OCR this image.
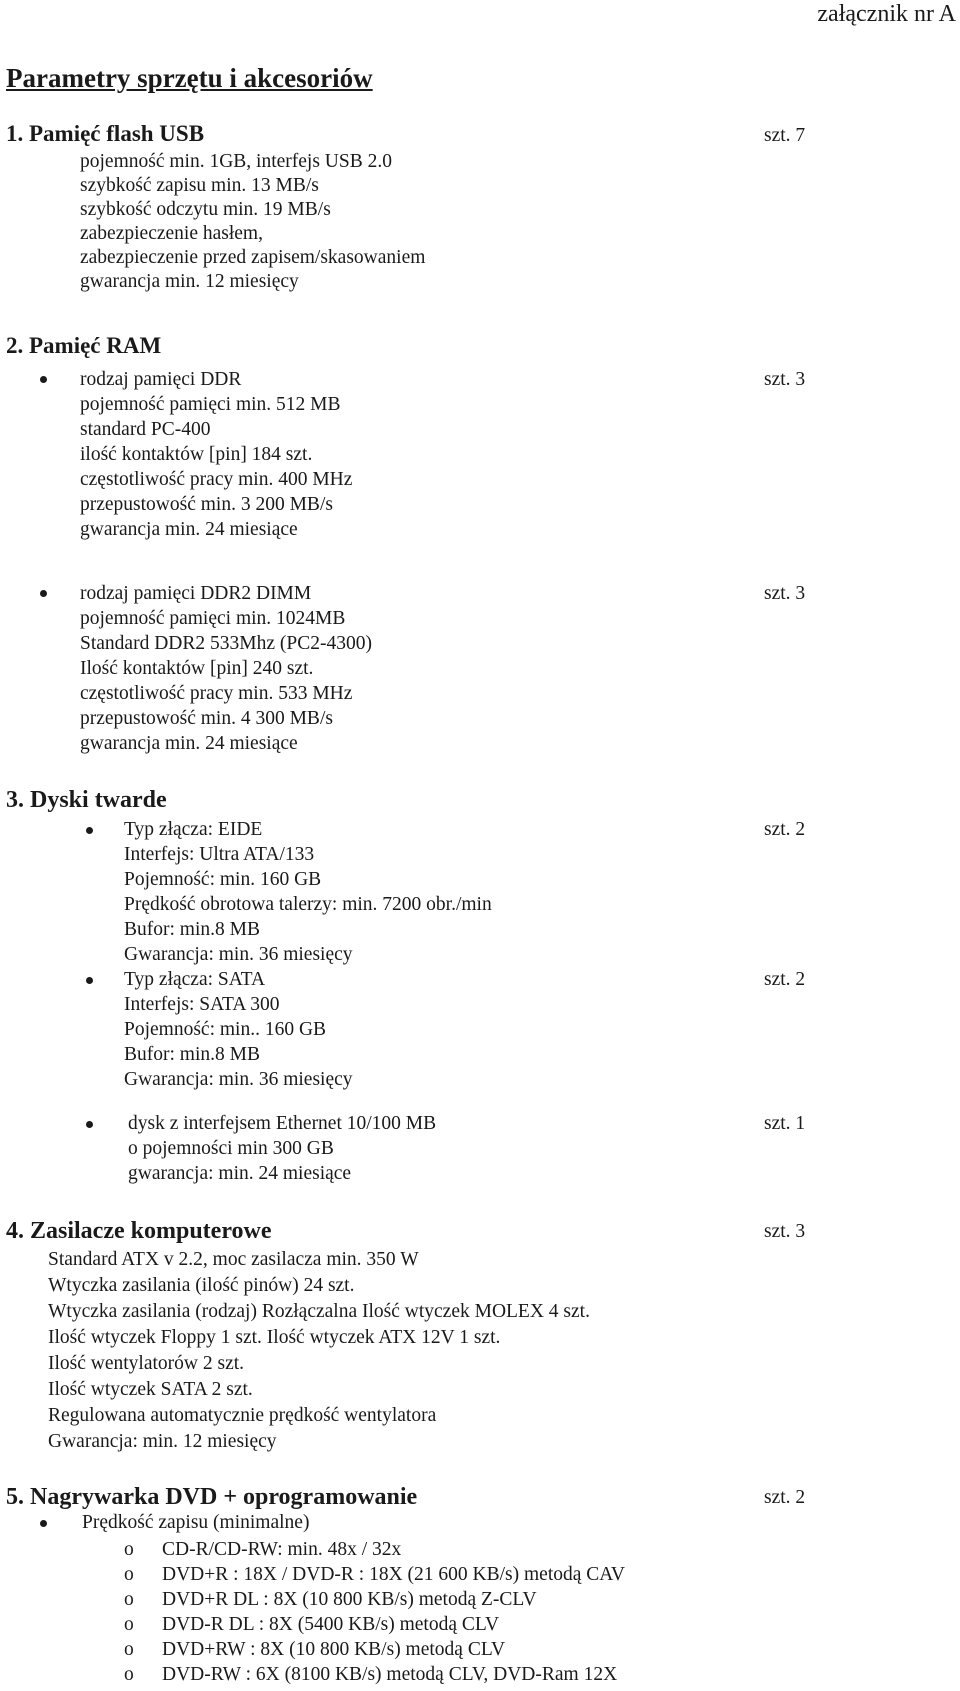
załącznik nr A
Parametry sprzętu i akcesoriów
1. Pamięć flash USB	szt. 7
pojemność min. 1GB, interfejs USB 2.0
szybkość zapisu min. 13 MB/s
szybkość odczytu min. 19 MB/s
zabezpieczenie hasłem,
zabezpieczenie przed zapisem/skasowaniem
gwarancja min. 12 miesięcy
2. Pamięć RAM
rodzaj pamięci DDR	szt. 3
pojemność pamięci min. 512 MB
standard PC-400
ilość kontaktów [pin] 184 szt.
częstotliwość pracy min. 400 MHz
przepustowość min. 3 200 MB/s
gwarancja min. 24 miesiące
rodzaj pamięci DDR2 DIMM	szt. 3
pojemność pamięci min. 1024MB
Standard DDR2 533Mhz (PC2-4300)
Ilość kontaktów [pin] 240 szt.
częstotliwość pracy min. 533 MHz
przepustowość min. 4 300 MB/s
gwarancja min. 24 miesiące
3. Dyski twarde
Typ złącza: EIDE	szt. 2
Interfejs: Ultra ATA/133
Pojemność: min. 160 GB
Prędkość obrotowa talerzy: min. 7200 obr./min
Bufor: min.8 MB
Gwarancja: min. 36 miesięcy
Typ złącza: SATA	szt. 2
Interfejs: SATA 300
Pojemność: min.. 160 GB
Bufor: min.8 MB
Gwarancja: min. 36 miesięcy
dysk z interfejsem Ethernet 10/100 MB	szt. 1
o pojemności min 300 GB
gwarancja: min. 24 miesiące
4. Zasilacze komputerowe	szt. 3
Standard ATX v 2.2, moc zasilacza min. 350 W
Wtyczka zasilania (ilość pinów) 24 szt.
Wtyczka zasilania (rodzaj) Rozłączalna Ilość wtyczek MOLEX 4 szt.
Ilość wtyczek Floppy 1 szt. Ilość wtyczek ATX 12V 1 szt.
Ilość wentylatorów 2 szt.
Ilość wtyczek SATA 2 szt.
Regulowana automatycznie prędkość wentylatora
Gwarancja: min. 12 miesięcy
5. Nagrywarka DVD + oprogramowanie	szt. 2
Prędkość zapisu (minimalne)
o CD-R/CD-RW: min. 48x / 32x
o DVD+R : 18X / DVD-R : 18X (21 600 KB/s) metodą CAV
o DVD+R DL : 8X (10 800 KB/s) metodą Z-CLV
o DVD-R DL : 8X (5400 KB/s) metodą CLV
o DVD+RW : 8X (10 800 KB/s) metodą CLV
o DVD-RW : 6X (8100 KB/s) metodą CLV, DVD-Ram 12X
